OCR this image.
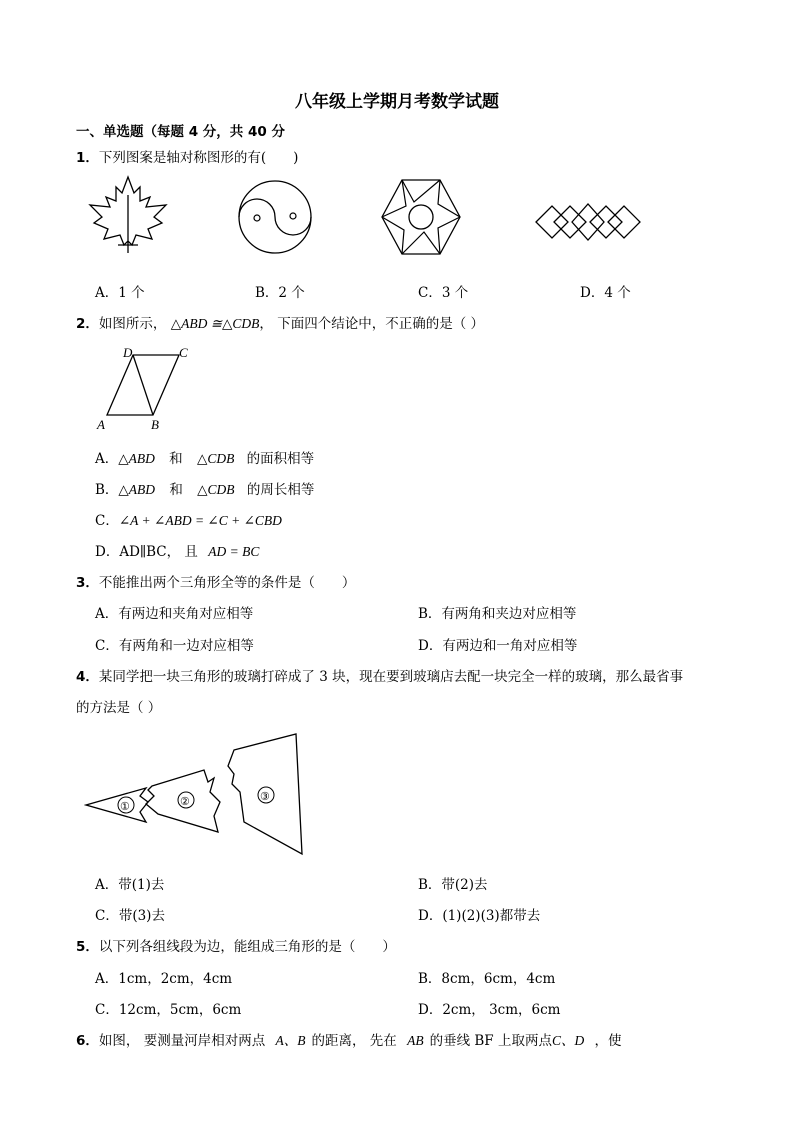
八年级上学期月考数学试题
一、单选题（每题 4 分，共 40 分
1．下列图案是轴对称图形的有(　　)
A．1 个	B．2 个	C．3 个	D．4 个
2．如图所示， △ABD ≅△CDB， 下面四个结论中，不正确的是（ ）
D	C
A	B
A．△ABD 和 △CDB 的面积相等
B．△ABD 和 △CDB 的周长相等
C．∠A + ∠ABD = ∠C + ∠CBD
D．AD∥BC， 且 AD = BC
3．不能推出两个三角形全等的条件是（　　）
A．有两边和夹角对应相等	B．有两角和夹边对应相等
C．有两角和一边对应相等	D．有两边和一角对应相等
4．某同学把一块三角形的玻璃打碎成了 3 块，现在要到玻璃店去配一块完全一样的玻璃，那么最省事
的方法是（ ）
①	②	③
A．带(1)去	B．带(2)去
C．带(3)去	D．(1)(2)(3)都带去
5．以下列各组线段为边，能组成三角形的是（　　）
A．1cm，2cm，4cm	B．8cm，6cm，4cm
C．12cm，5cm，6cm	D．2cm， 3cm，6cm
6．如图， 要测量河岸相对两点 A、B 的距离， 先在 AB 的垂线 BF 上取两点C、D ，使
